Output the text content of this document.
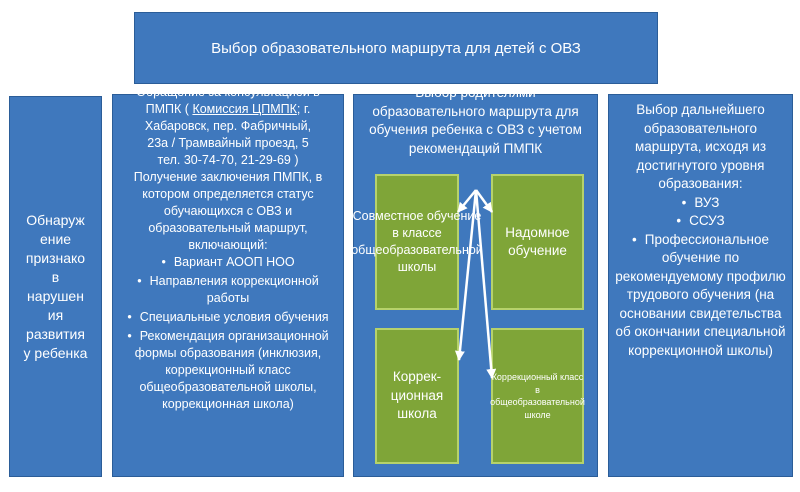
Выбор образовательного маршрута для детей с ОВЗ
Обнаруж
ение
признако
в
нарушен
ия
развития
у ребенка
Обращение за консультацией в
ПМПК ( Комиссия ЦПМПК; г.
Хабаровск, пер. Фабричный,
23а / Трамвайный проезд, 5
тел. 30-74-70, 21-29-69 )
Получение заключения ПМПК, в котором определяется статус обучающихся с ОВЗ и образовательный маршрут, включающий:
• Вариант АООП НОО
• Направления коррекционной работы
• Специальные условия обучения
• Рекомендация организационной формы образования (инклюзия, коррекционный класс общеобразовательной школы, коррекционная школа)
Выбор родителями образовательного маршрута для обучения ребенка с ОВЗ с учетом рекомендаций ПМПК
Выбор дальнейшего образовательного маршрута, исходя из достигнутого уровня образования:
• ВУЗ
• ССУЗ
• Профессиональное обучение по рекомендуемому профилю трудового обучения (на основании свидетельства об окончании специальной коррекционной школы)
Совместное обучение в классе общеобразовательной школы
Надомное обучение
Коррек-ционная школа
Коррекционный класс в общеобразовательной школе
